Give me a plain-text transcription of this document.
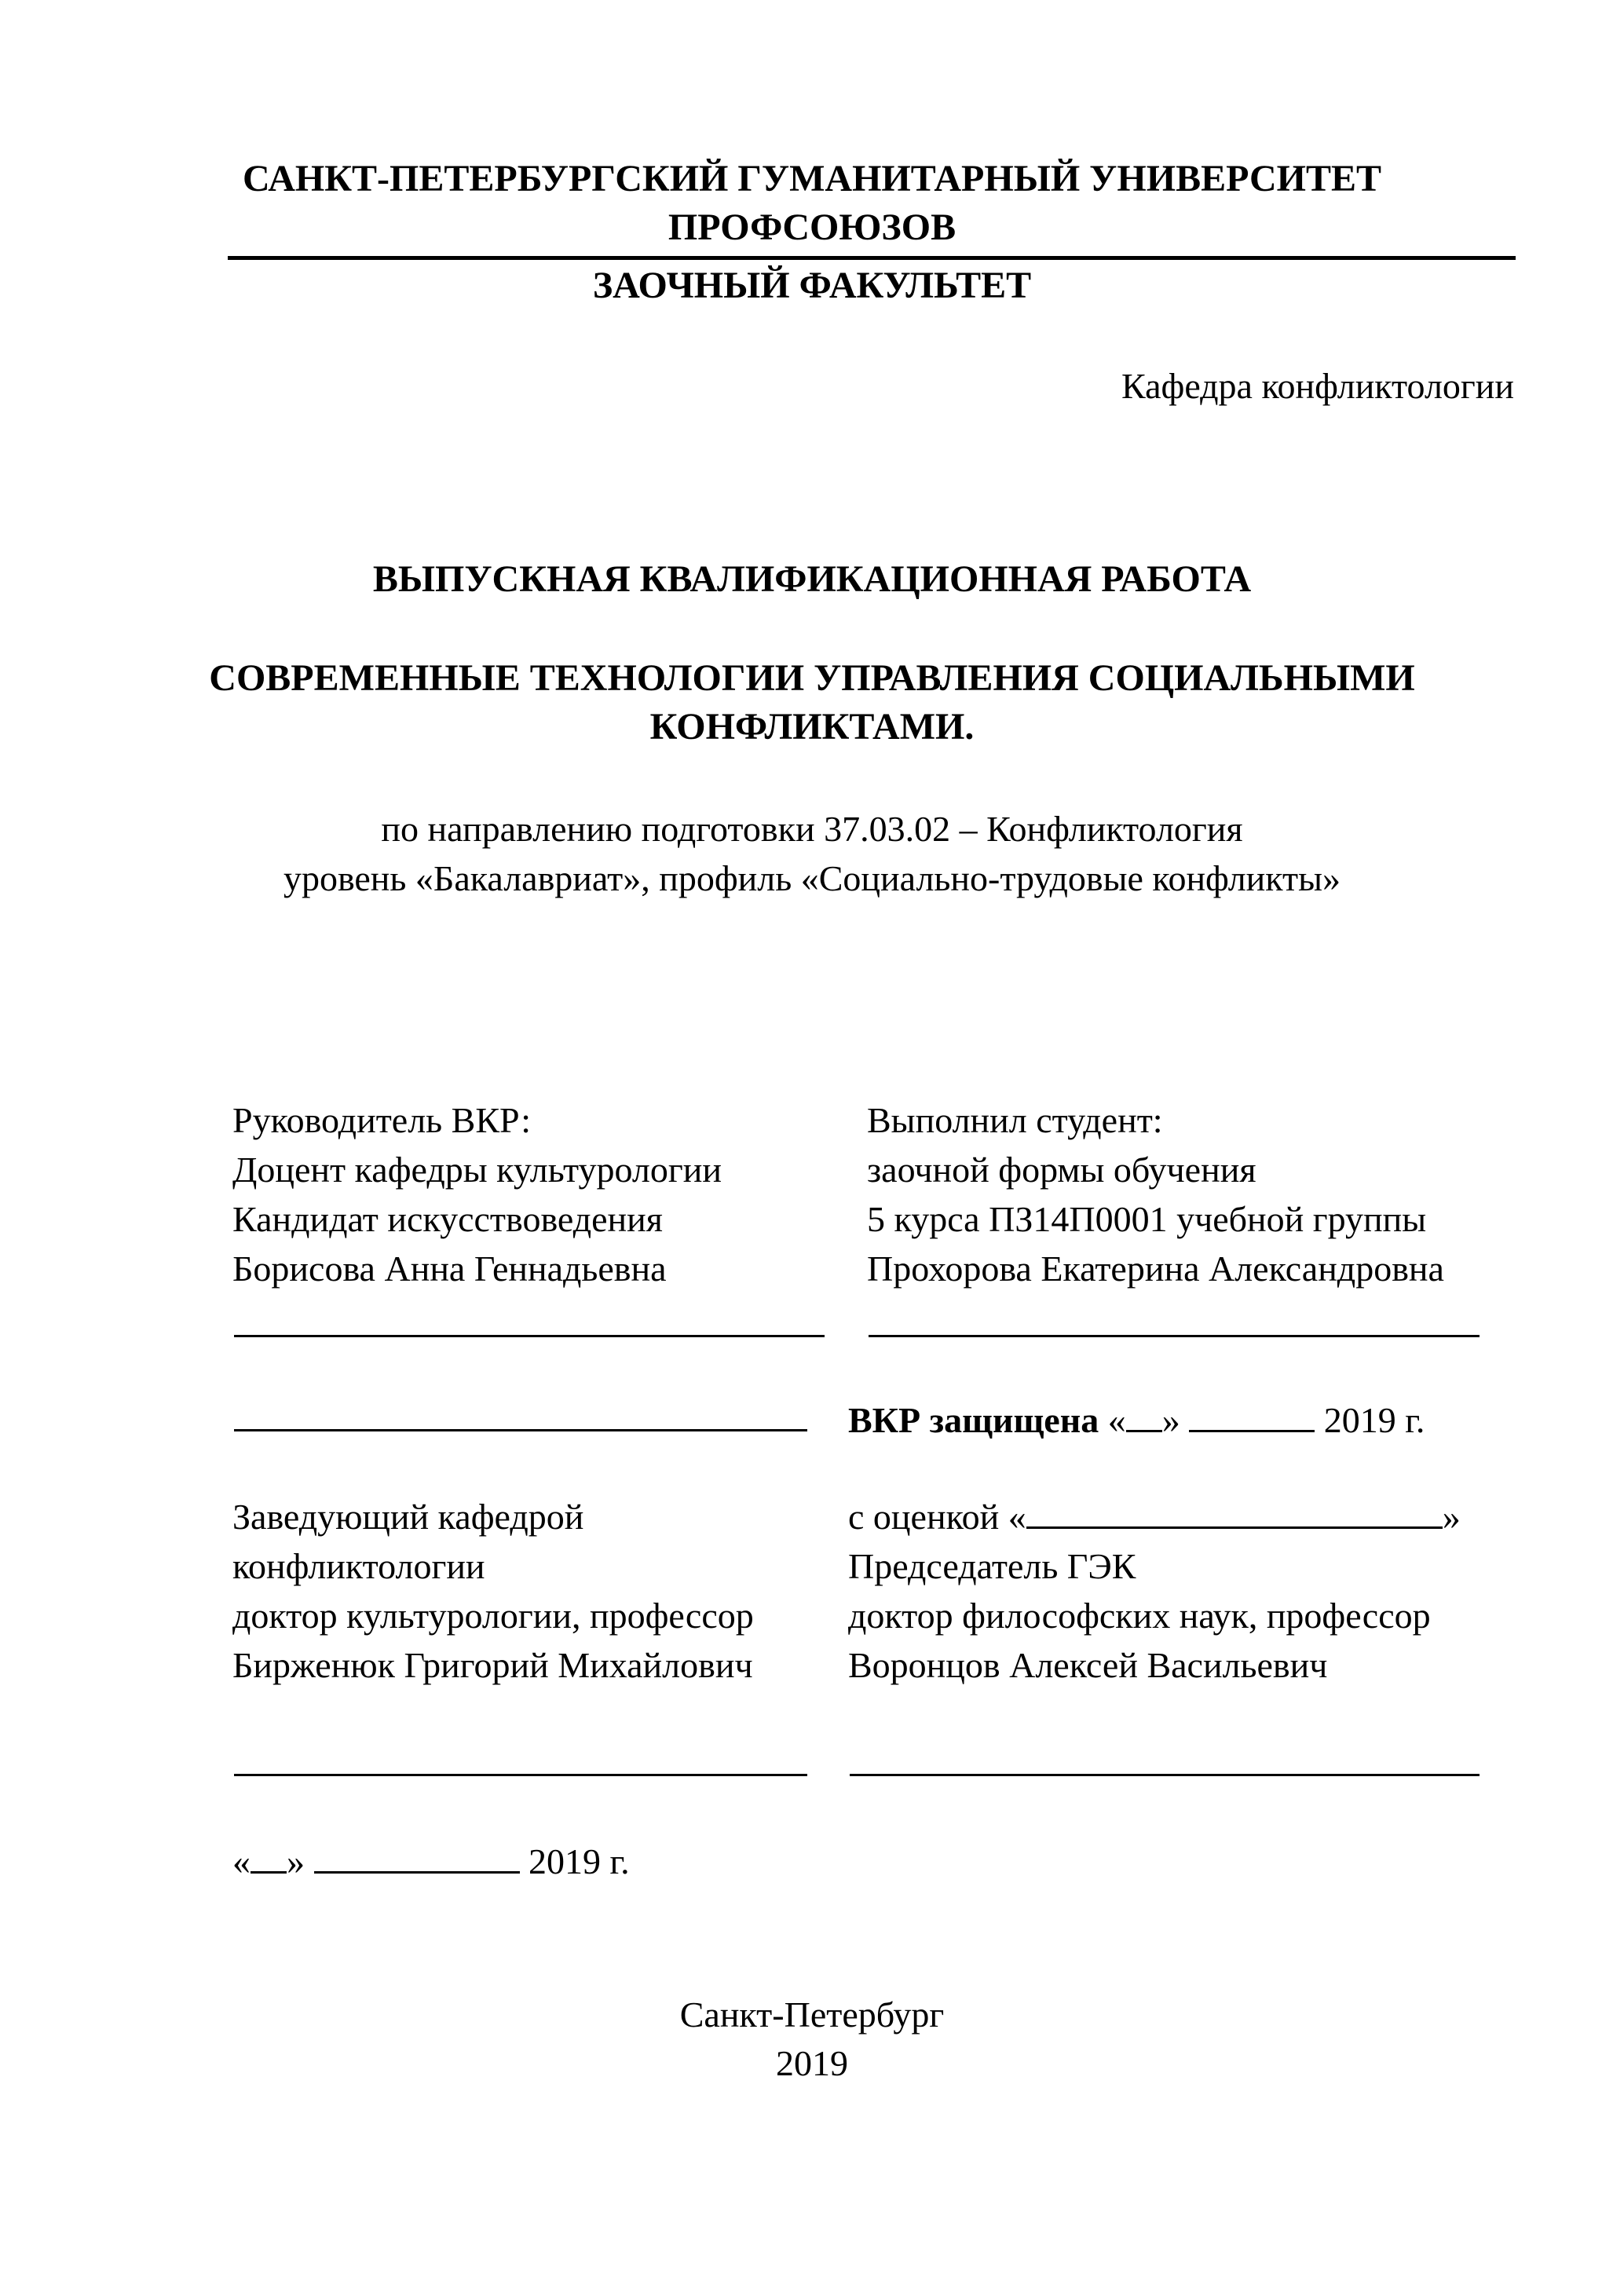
САНКТ-ПЕТЕРБУРГСКИЙ ГУМАНИТАРНЫЙ УНИВЕРСИТЕТ
ПРОФСОЮЗОВ
ЗАОЧНЫЙ ФАКУЛЬТЕТ
Кафедра конфликтологии
ВЫПУСКНАЯ КВАЛИФИКАЦИОННАЯ РАБОТА
СОВРЕМЕННЫЕ ТЕХНОЛОГИИ УПРАВЛЕНИЯ СОЦИАЛЬНЫМИ
КОНФЛИКТАМИ.
по направлению подготовки 37.03.02 – Конфликтология
уровень «Бакалавриат», профиль «Социально-трудовые конфликты»
Руководитель ВКР:
Доцент кафедры культурологии
Кандидат искусствоведения
Борисова Анна Геннадьевна
Выполнил студент:
заочной формы обучения
5 курса ПЗ14П0001 учебной группы
Прохорова Екатерина Александровна
ВКР защищена « »	2019 г.
Заведующий кафедрой
конфликтологии
доктор культурологии, профессор
Бирженюк Григорий Михайлович
с оценкой «	»
Председатель ГЭК
доктор философских наук, профессор
Воронцов Алексей Васильевич
« »	2019 г.
Санкт-Петербург
2019
